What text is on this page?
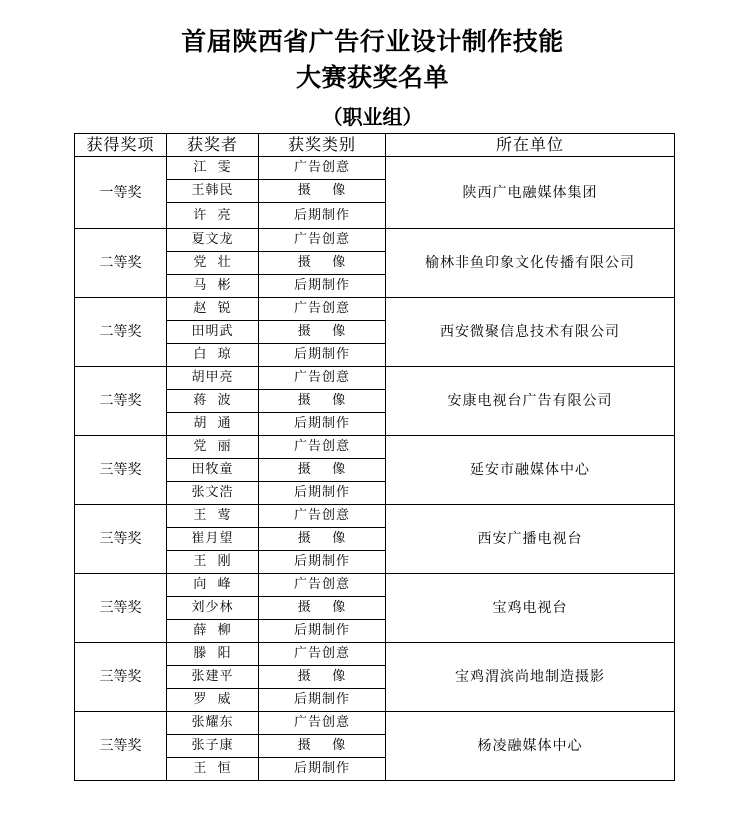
首届陕西省广告行业设计制作技能
大赛获奖名单
（职业组）
获得奖项	获奖者	获奖类别	所在单位
一等奖	江  雯	广告创意	陕西广电融媒体集团
	王韩民	摄    像	
	许  亮	后期制作	
二等奖	夏文龙	广告创意	榆林非鱼印象文化传播有限公司
	党  壮	摄    像	
	马  彬	后期制作	
二等奖	赵  锐	广告创意	西安微聚信息技术有限公司
	田明武	摄    像	
	白  琼	后期制作	
二等奖	胡甲亮	广告创意	安康电视台广告有限公司
	蒋  波	摄    像	
	胡  通	后期制作	
三等奖	党  丽	广告创意	延安市融媒体中心
	田牧童	摄    像	
	张文浩	后期制作	
三等奖	王  莺	广告创意	西安广播电视台
	崔月望	摄    像	
	王  刚	后期制作	
三等奖	向  峰	广告创意	宝鸡电视台
	刘少林	摄    像	
	薛  柳	后期制作	
三等奖	滕  阳	广告创意	宝鸡渭滨尚地制造摄影
	张建平	摄    像	
	罗  威	后期制作	
三等奖	张耀东	广告创意	杨凌融媒体中心
	张子康	摄    像	
	王  恒	后期制作	
